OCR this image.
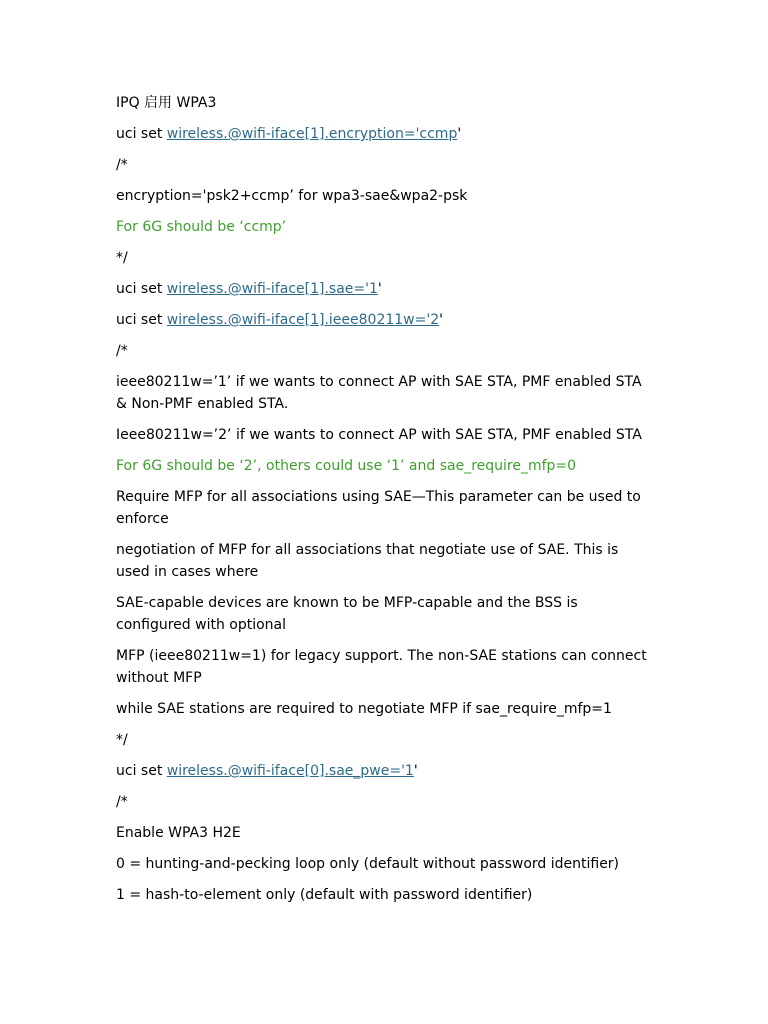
IPQ 启用 WPA3

uci set wireless.@wifi-iface[1].encryption='ccmp'

/*

encryption='psk2+ccmp’ for wpa3-sae&wpa2-psk

For 6G should be ‘ccmp’

*/

uci set wireless.@wifi-iface[1].sae='1'

uci set wireless.@wifi-iface[1].ieee80211w='2'

/*

ieee80211w=’1’ if we wants to connect AP with SAE STA, PMF enabled STA & Non-PMF enabled STA.

Ieee80211w=’2’ if we wants to connect AP with SAE STA, PMF enabled STA

For 6G should be ‘2’, others could use ‘1’ and sae_require_mfp=0

Require MFP for all associations using SAE—This parameter can be used to enforce

negotiation of MFP for all associations that negotiate use of SAE. This is used in cases where

SAE-capable devices are known to be MFP-capable and the BSS is configured with optional

MFP (ieee80211w=1) for legacy support. The non-SAE stations can connect without MFP

while SAE stations are required to negotiate MFP if sae_require_mfp=1

*/

uci set wireless.@wifi-iface[0].sae_pwe='1'

/*

Enable WPA3 H2E

0 = hunting-and-pecking loop only (default without password identifier)

1 = hash-to-element only (default with password identifier)
